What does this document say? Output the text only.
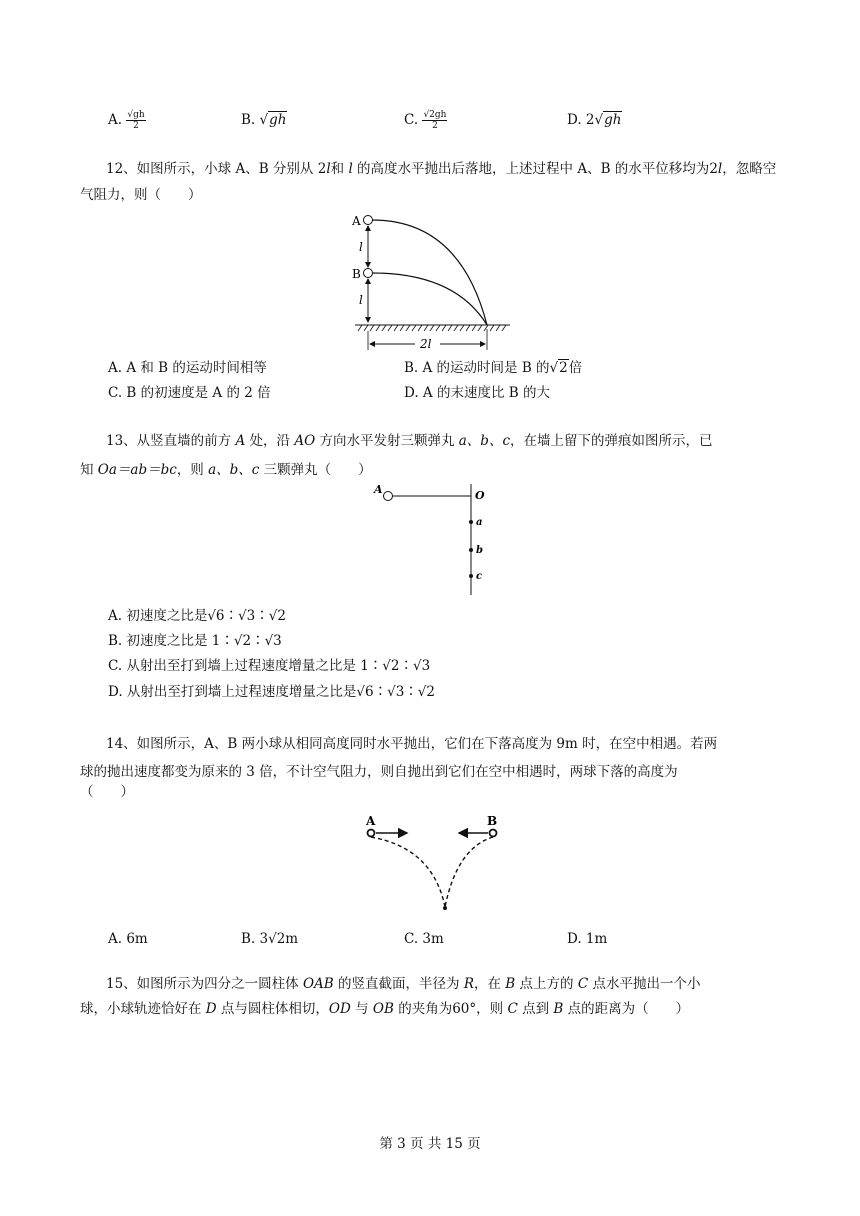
A. $\frac{√gh}{2}$	B. √gh	C. $\frac{√2gh}{2}$	D. 2√gh
12、如图所示，小球 A、B 分别从 2l和 l 的高度水平抛出后落地，上述过程中 A、B 的水平位移均为2l，忽略空气阻力，则（　　）
A
B
l
l
2l
A. A 和 B 的运动时间相等	B. A 的运动时间是 B 的√2倍
C. B 的初速度是 A 的 2 倍	D. A 的末速度比 B 的大
13、从竖直墙的前方 A 处，沿 AO 方向水平发射三颗弹丸 a、b、c，在墙上留下的弹痕如图所示，已
知 Oa＝ab＝bc，则 a、b、c 三颗弹丸（　　）
A	O
a
b
c
A. 初速度之比是√6∶√3∶√2
B. 初速度之比是 1∶√2∶√3
C. 从射出至打到墙上过程速度增量之比是 1∶√2∶√3
D. 从射出至打到墙上过程速度增量之比是√6∶√3∶√2
14、如图所示，A、B 两小球从相同高度同时水平抛出，它们在下落高度为 9m 时，在空中相遇。若两
球的抛出速度都变为原来的 3 倍，不计空气阻力，则自抛出到它们在空中相遇时，两球下落的高度为
（　　）
A	B
A. 6m	B. 3√2m	C. 3m	D. 1m
15、如图所示为四分之一圆柱体 OAB 的竖直截面，半径为 R，在 B 点上方的 C 点水平抛出一个小
球，小球轨迹恰好在 D 点与圆柱体相切，OD 与 OB 的夹角为60°，则 C 点到 B 点的距离为（　　）
第 3 页 共 15 页
